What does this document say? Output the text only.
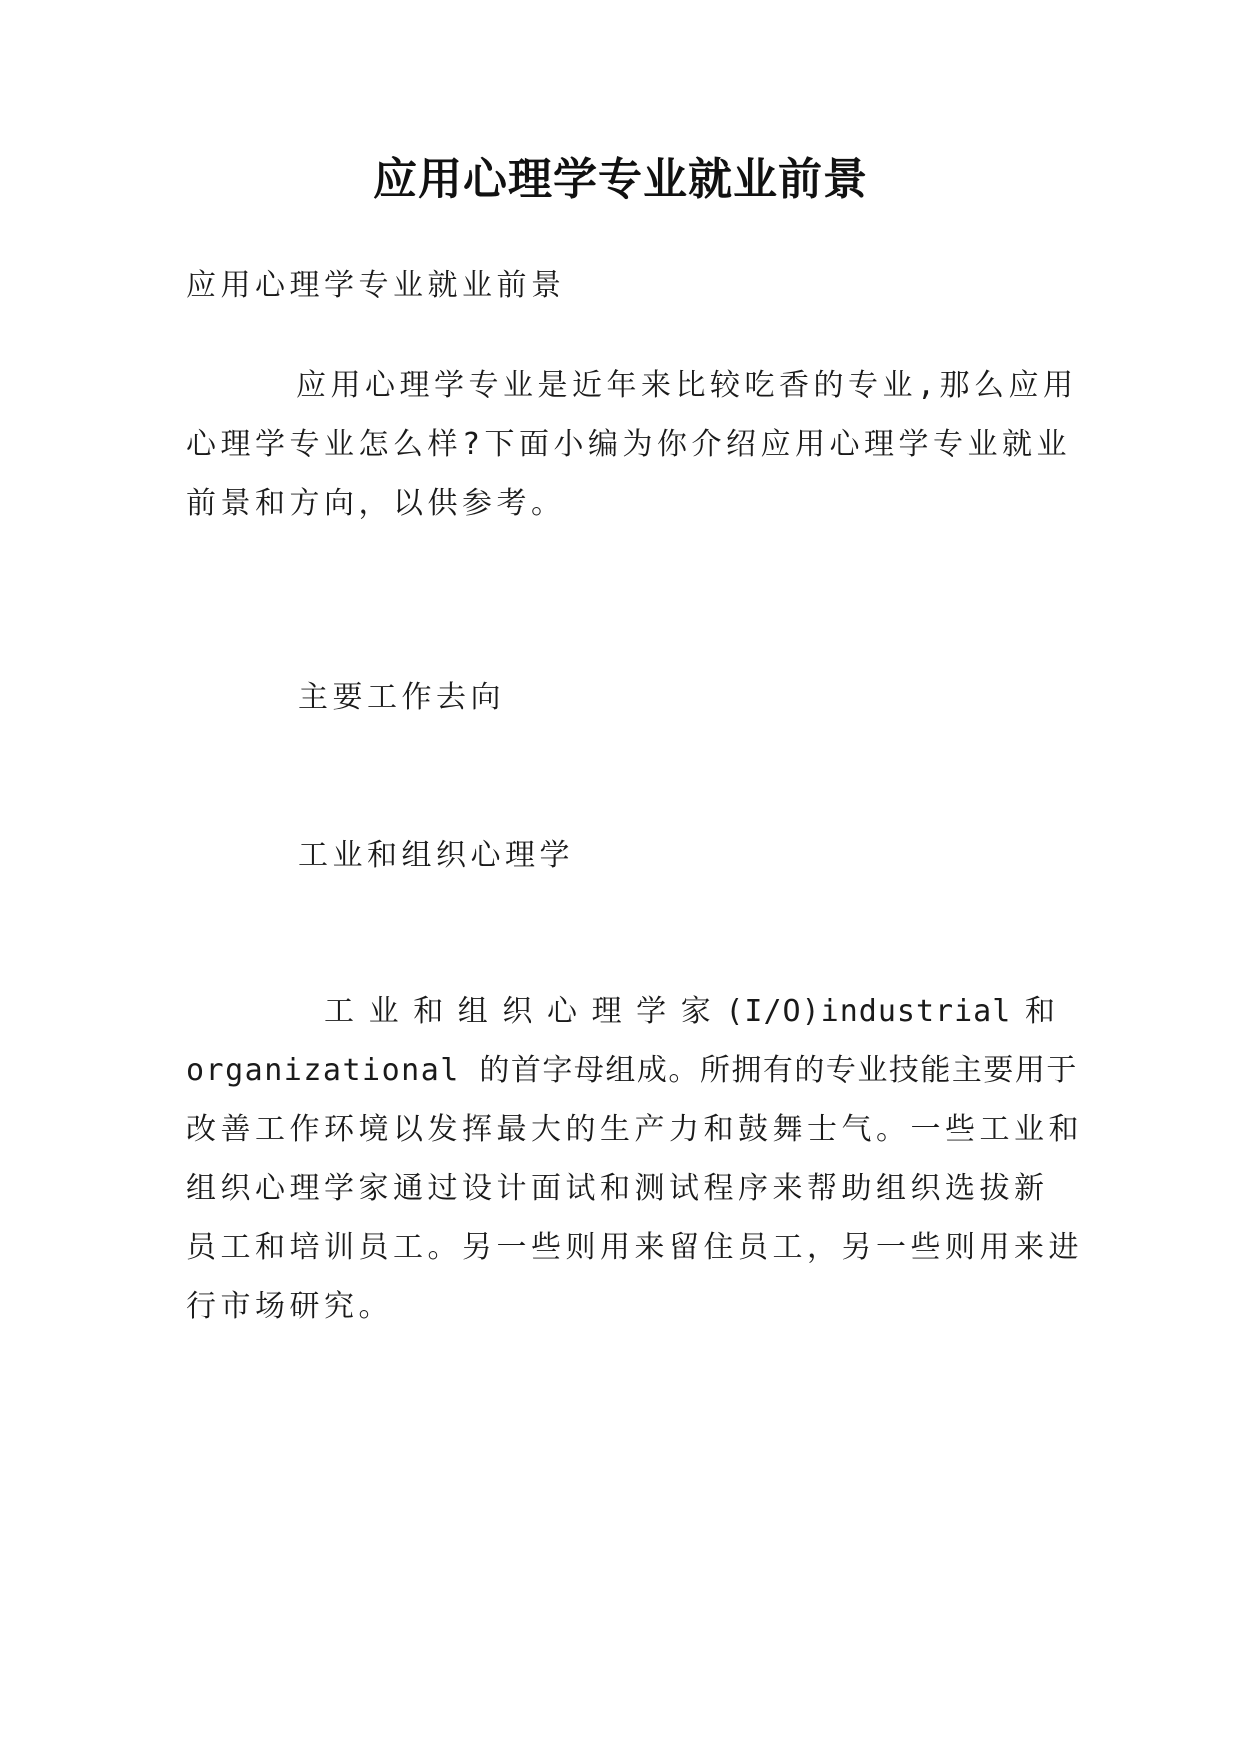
应用心理学专业就业前景

应用心理学专业就业前景

应用心理学专业是近年来比较吃香的专业,那么应用
心理学专业怎么样?下面小编为你介绍应用心理学专业就业
前景和方向，以供参考。

主要工作去向

工业和组织心理学

工 业 和 组 织 心 理 学 家 (I/O)industrial 和
organizational 的首字母组成。所拥有的专业技能主要用于
改善工作环境以发挥最大的生产力和鼓舞士气。一些工业和
组织心理学家通过设计面试和测试程序来帮助组织选拔新
员工和培训员工。另一些则用来留住员工，另一些则用来进
行市场研究。
